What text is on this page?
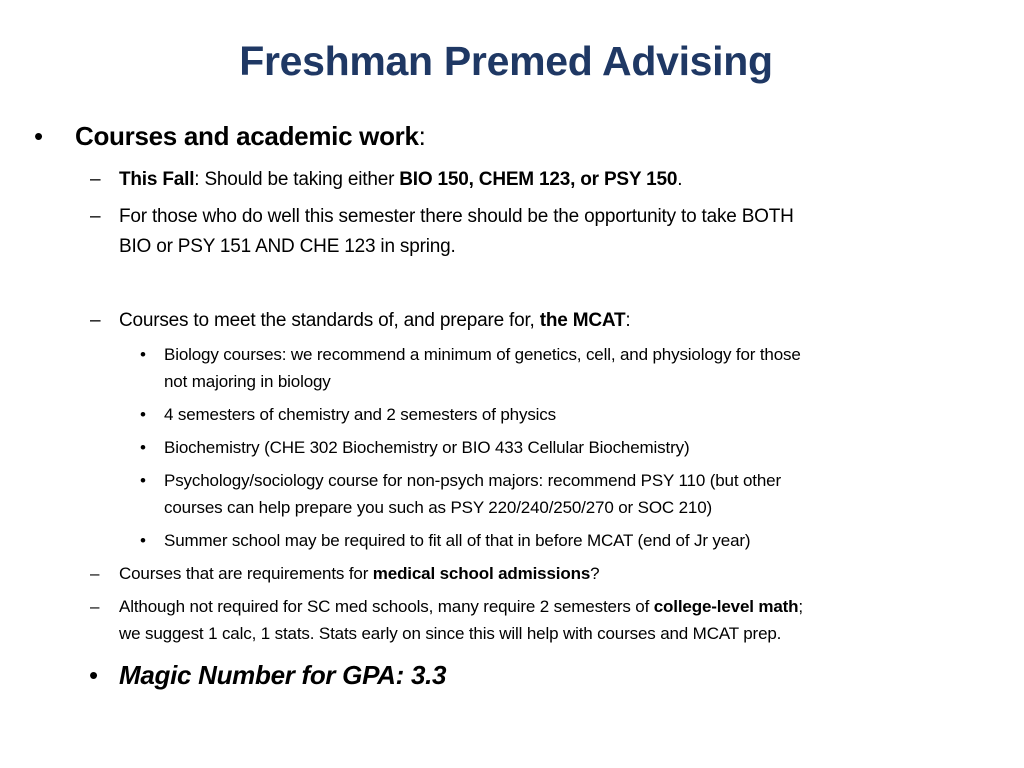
Freshman Premed Advising
• Courses and academic work:
– This Fall: Should be taking either BIO 150, CHEM 123, or PSY 150.
– For those who do well this semester there should be the opportunity to take BOTH
BIO or PSY 151 AND CHE 123 in spring.
– Courses to meet the standards of, and prepare for, the MCAT:
• Biology courses: we recommend a minimum of genetics, cell, and physiology for those
not majoring in biology
• 4 semesters of chemistry and 2 semesters of physics
• Biochemistry (CHE 302 Biochemistry or BIO 433 Cellular Biochemistry)
• Psychology/sociology course for non-psych majors: recommend PSY 110 (but other
courses can help prepare you such as PSY 220/240/250/270 or SOC 210)
• Summer school may be required to fit all of that in before MCAT (end of Jr year)
– Courses that are requirements for medical school admissions?
– Although not required for SC med schools, many require 2 semesters of college-level math;
we suggest 1 calc, 1 stats. Stats early on since this will help with courses and MCAT prep.
• Magic Number for GPA: 3.3
